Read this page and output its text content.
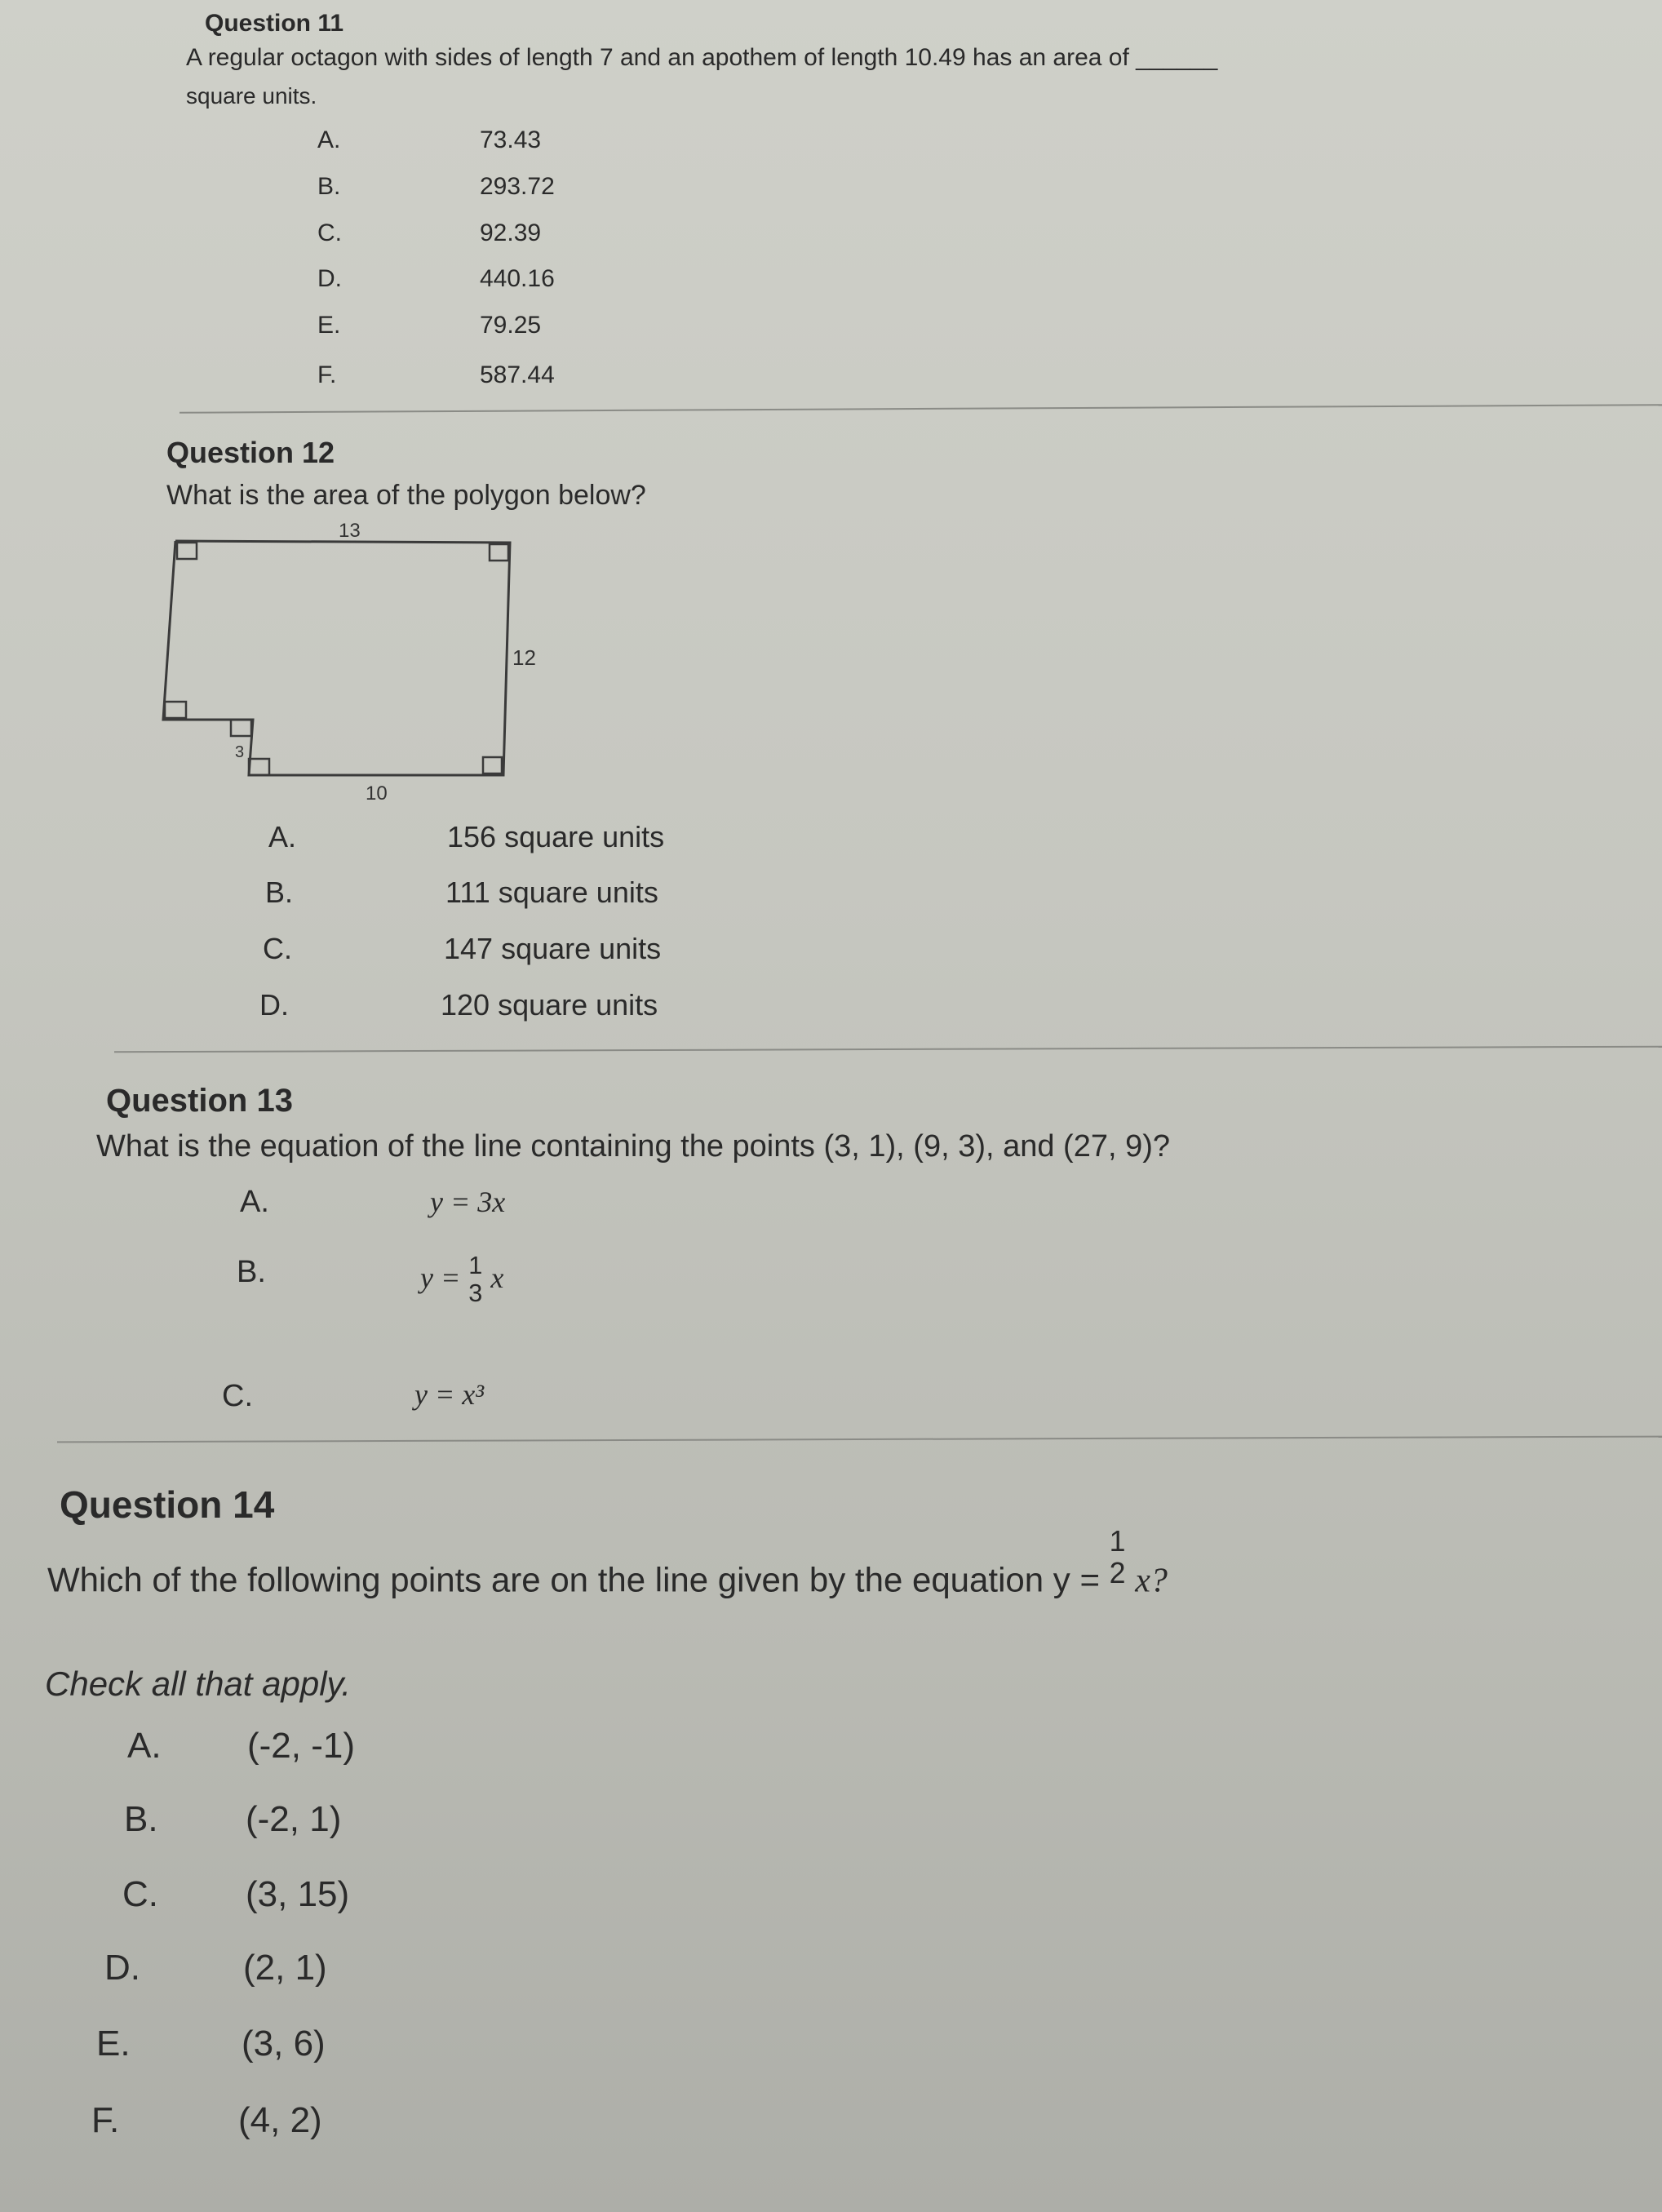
Question 11
A regular octagon with sides of length 7 and an apothem of length 10.49 has an area of ______
square units.
A.	73.43
B.	293.72
C.	92.39
D.	440.16
E.	79.25
F.	587.44
Question 12
What is the area of the polygon below?
13
12
10
3
A.	156 square units
B.	111 square units
C.	147 square units
D.	120 square units
Question 13
What is the equation of the line containing the points (3, 1), (9, 3), and (27, 9)?
A.	y = 3x
B.	y = 1
3 x
C.	y = x³
Question 14
Which of the following points are on the line given by the equation y =
1
2 x?
Check all that apply.
A. (-2, -1)
B. (-2, 1)
C. (3, 15)
D.	(2, 1)
E.	(3, 6)
F.	(4, 2)
